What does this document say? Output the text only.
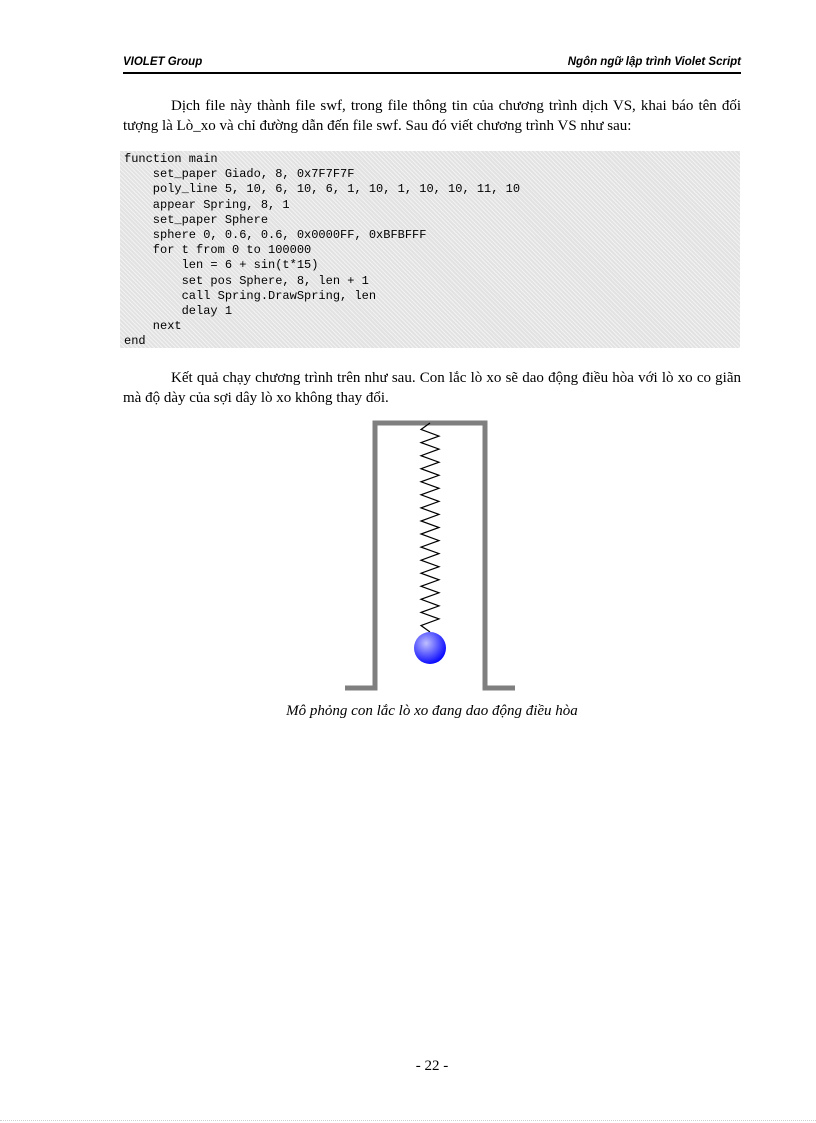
VIOLET Group	Ngôn ngữ lập trình Violet Script
Dịch file này thành file swf, trong file thông tin của chương trình dịch VS, khai báo tên đối tượng là Lò_xo và chỉ đường dẫn đến file swf. Sau đó viết chương trình VS như sau:
function main
set_paper Giado, 8, 0x7F7F7F
poly_line 5, 10, 6, 10, 6, 1, 10, 1, 10, 10, 11, 10
appear Spring, 8, 1
set_paper Sphere
sphere 0, 0.6, 0.6, 0x0000FF, 0xBFBFFF
for t from 0 to 100000
len = 6 + sin(t*15)
set pos Sphere, 8, len + 1
call Spring.DrawSpring, len
delay 1
next
end
Kết quả chạy chương trình trên như sau. Con lắc lò xo sẽ dao động điều hòa với lò xo co giãn mà độ dày của sợi dây lò xo không thay đổi.
Mô phỏng con lắc lò xo đang dao động điều hòa
- 22 -
